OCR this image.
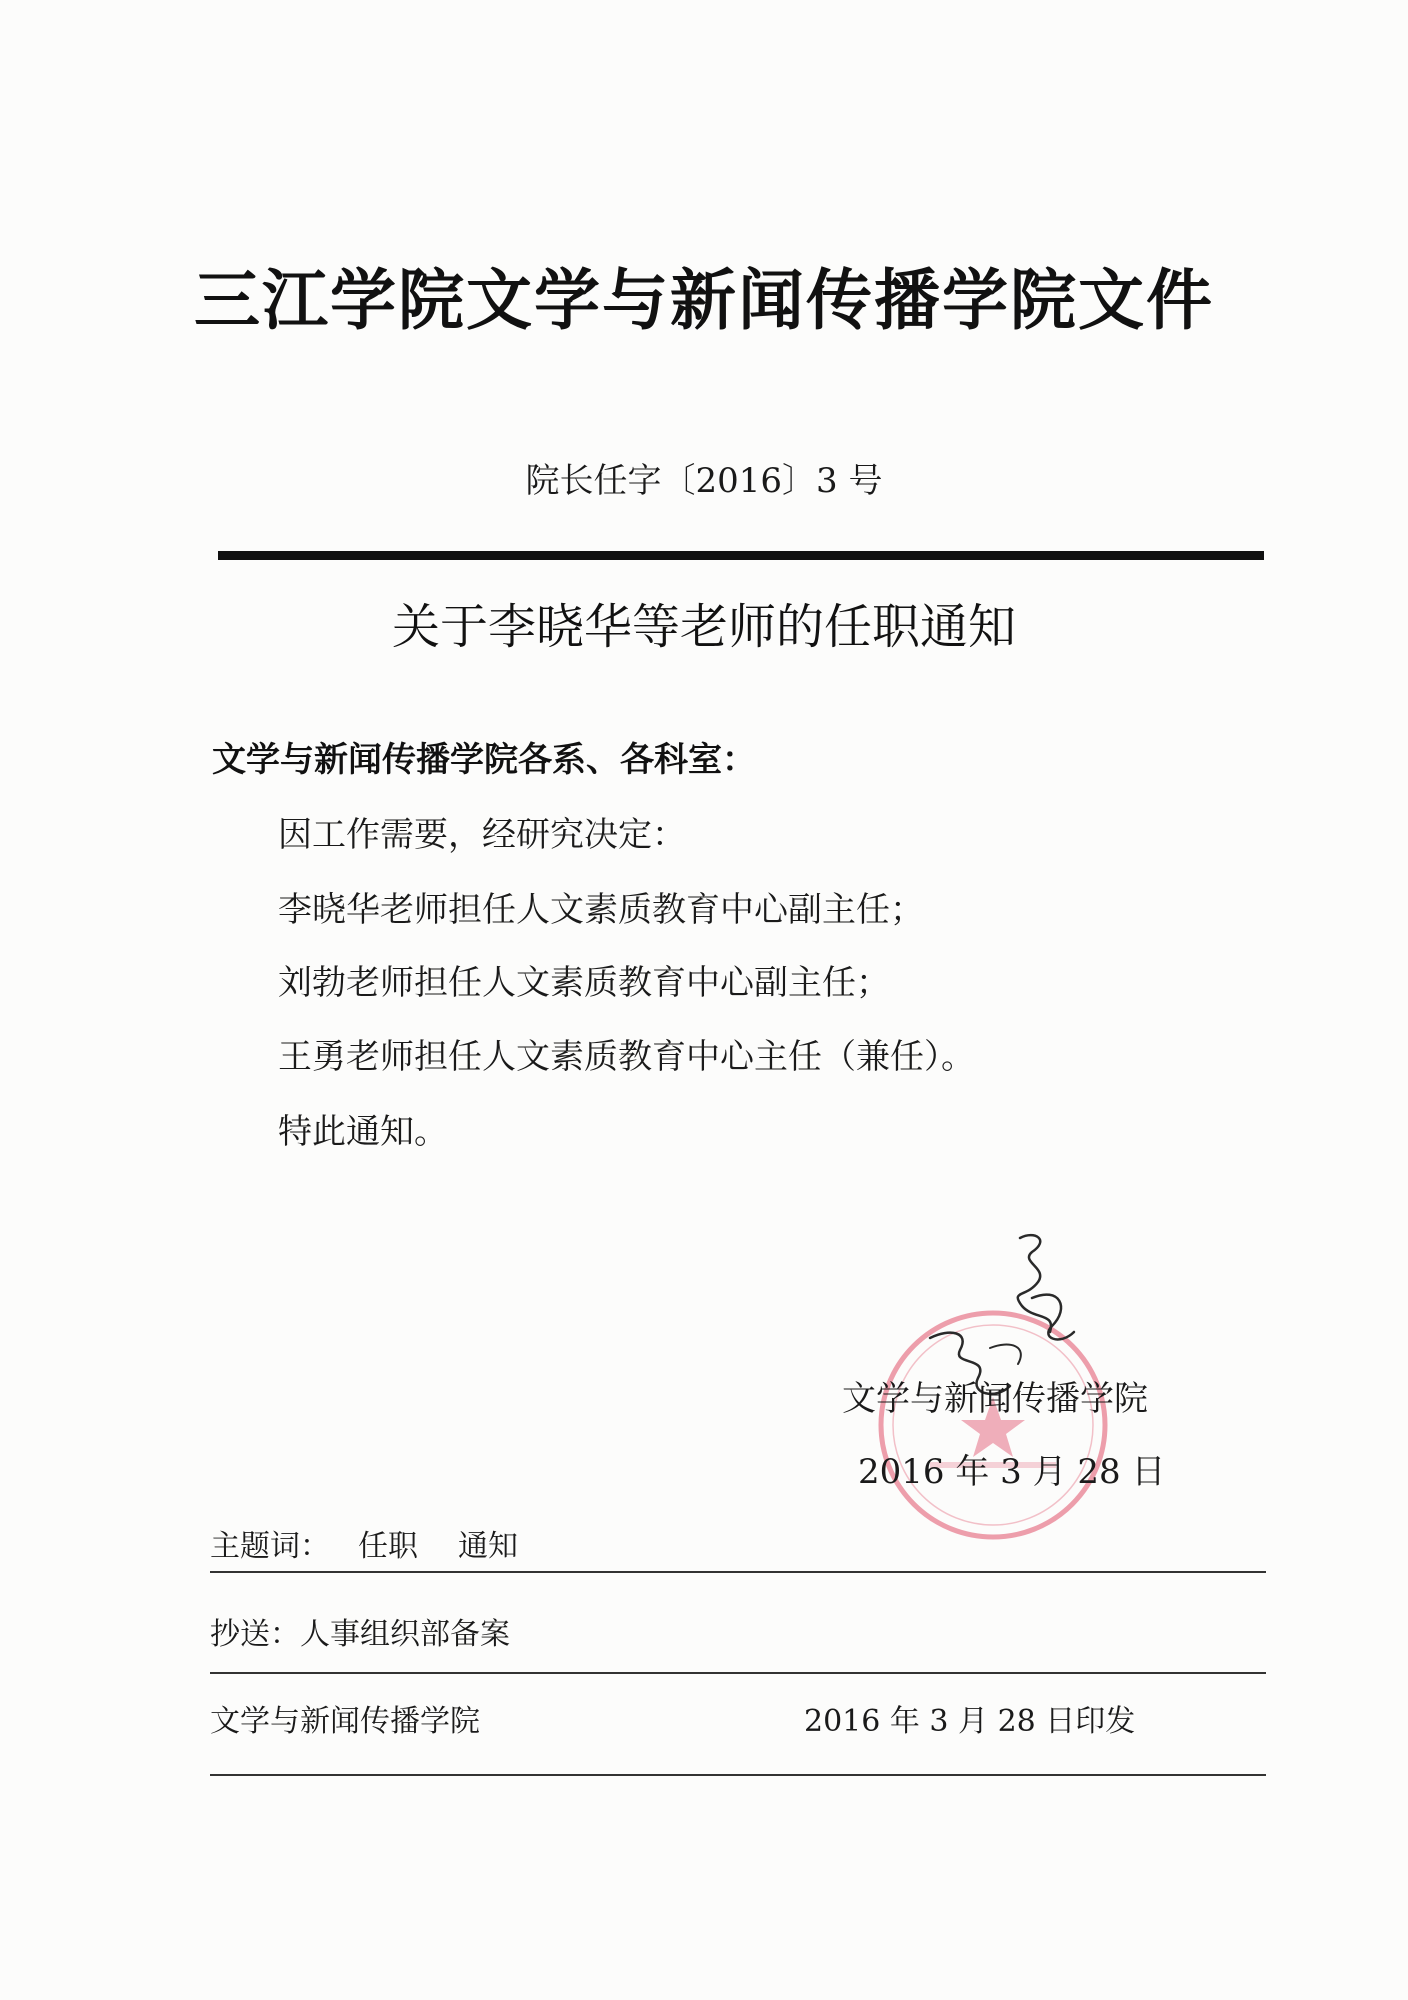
三江学院文学与新闻传播学院文件
院长任字〔2016〕3 号
关于李晓华等老师的任职通知
文学与新闻传播学院各系、各科室：
因工作需要，经研究决定：
李晓华老师担任人文素质教育中心副主任；
刘勃老师担任人文素质教育中心副主任；
王勇老师担任人文素质教育中心主任（兼任）。
特此通知。
文学与新闻传播学院
2016 年 3 月 28 日
主题词： 任职 通知
抄送：人事组织部备案
文学与新闻传播学院	2016 年 3 月 28 日印发
